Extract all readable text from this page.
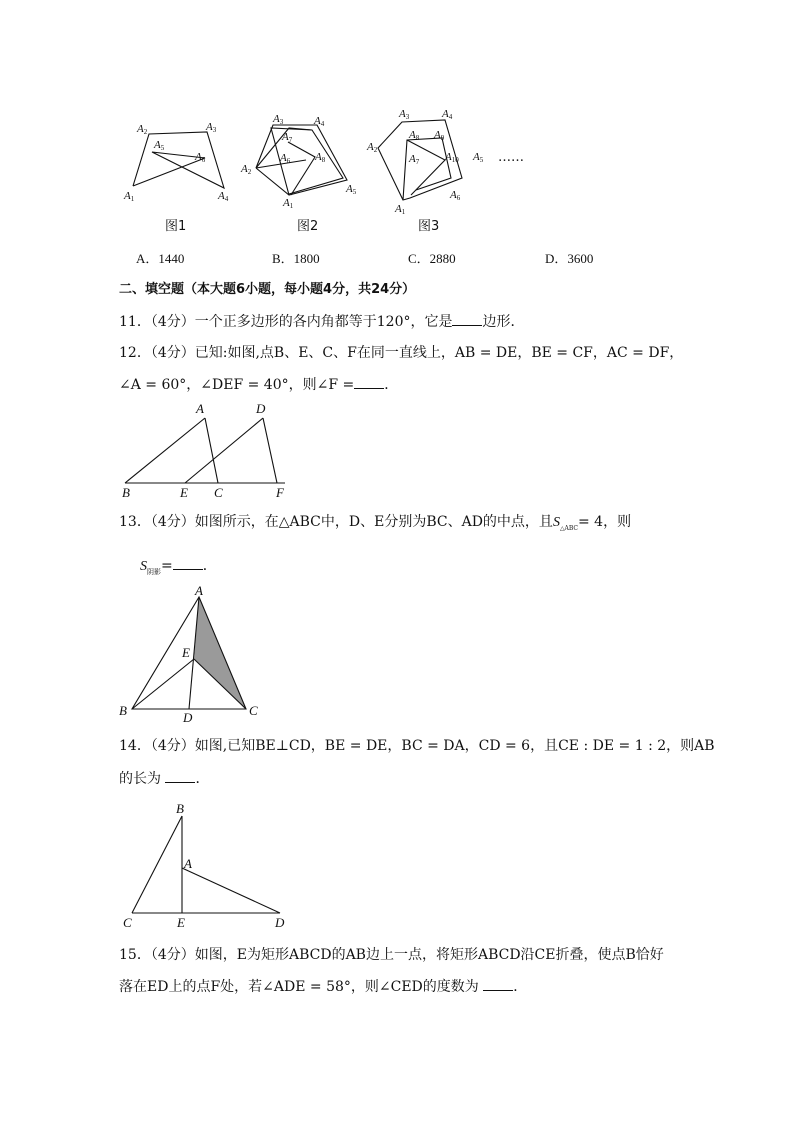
A1
A2	A3
A4
A5
A6
A3	A4
A7
A6 A8
A2
A5
A1
A3	A4
A2
A8 A9
A7 A10 A5
A6
A1
……
图1	图2	图3
A．1440	B．1800	C．2880	D．3600
二、填空题（本大题6小题，每小题4分，共24分）
11．（4分）一个正多边形的各内角都等于120°，它是 边形．
12．（4分）已知:如图,点B、E、C、F在同一直线上，AB = DE，BE = CF，AC = DF，
∠A = 60°，∠DEF = 40°，则∠F = ．
A	D
B	E C	F
13．（4分）如图所示，在△ABC中，D、E分别为BC、AD的中点，且$S_{\triangle ABC}= 4$，则
$S_{阴影}=$ ．
A
E
B	D	C
14．（4分）如图,已知BE⊥CD，BE = DE，BC = DA，CD = 6，且CE : DE = 1 : 2，则AB
的长为 ．
B
A
C	E	D
15．（4分）如图，E为矩形ABCD的AB边上一点，将矩形ABCD沿CE折叠，使点B恰好
落在ED上的点F处，若∠ADE = 58°，则∠CED的度数为 ．
